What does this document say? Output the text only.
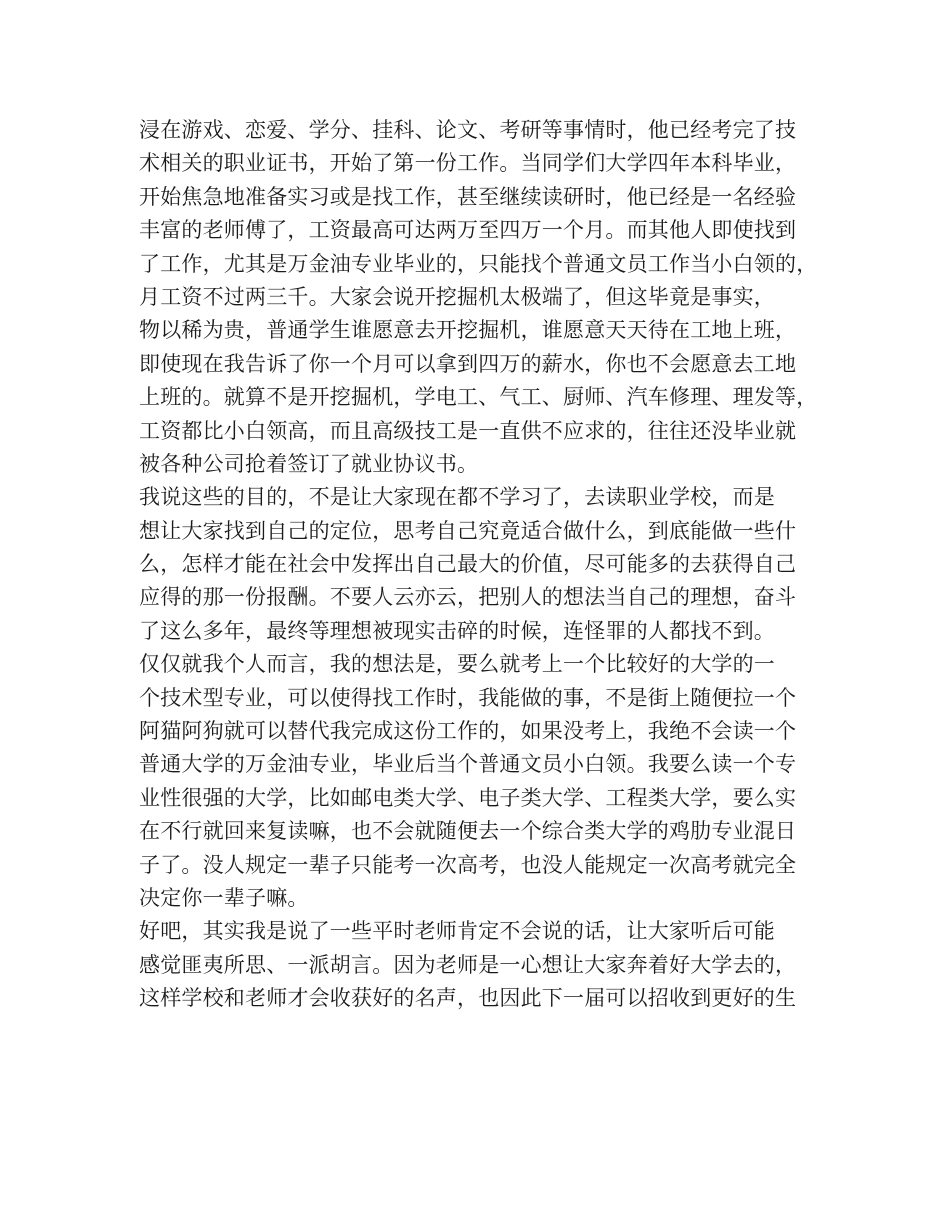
浸在游戏、恋爱、学分、挂科、论文、考研等事情时，他已经考完了技
术相关的职业证书，开始了第一份工作。当同学们大学四年本科毕业，
开始焦急地准备实习或是找工作，甚至继续读研时，他已经是一名经验
丰富的老师傅了，工资最高可达两万至四万一个月。而其他人即使找到
了工作，尤其是万金油专业毕业的，只能找个普通文员工作当小白领的，
月工资不过两三千。大家会说开挖掘机太极端了，但这毕竟是事实，
物以稀为贵，普通学生谁愿意去开挖掘机，谁愿意天天待在工地上班，
即使现在我告诉了你一个月可以拿到四万的薪水，你也不会愿意去工地
上班的。就算不是开挖掘机，学电工、气工、厨师、汽车修理、理发等，
工资都比小白领高，而且高级技工是一直供不应求的，往往还没毕业就
被各种公司抢着签订了就业协议书。
我说这些的目的，不是让大家现在都不学习了，去读职业学校，而是
想让大家找到自己的定位，思考自己究竟适合做什么，到底能做一些什
么，怎样才能在社会中发挥出自己最大的价值，尽可能多的去获得自己
应得的那一份报酬。不要人云亦云，把别人的想法当自己的理想，奋斗
了这么多年，最终等理想被现实击碎的时候，连怪罪的人都找不到。
仅仅就我个人而言，我的想法是，要么就考上一个比较好的大学的一
个技术型专业，可以使得找工作时，我能做的事，不是街上随便拉一个
阿猫阿狗就可以替代我完成这份工作的，如果没考上，我绝不会读一个
普通大学的万金油专业，毕业后当个普通文员小白领。我要么读一个专
业性很强的大学，比如邮电类大学、电子类大学、工程类大学，要么实
在不行就回来复读嘛，也不会就随便去一个综合类大学的鸡肋专业混日
子了。没人规定一辈子只能考一次高考，也没人能规定一次高考就完全
决定你一辈子嘛。
好吧，其实我是说了一些平时老师肯定不会说的话，让大家听后可能
感觉匪夷所思、一派胡言。因为老师是一心想让大家奔着好大学去的，
这样学校和老师才会收获好的名声，也因此下一届可以招收到更好的生
